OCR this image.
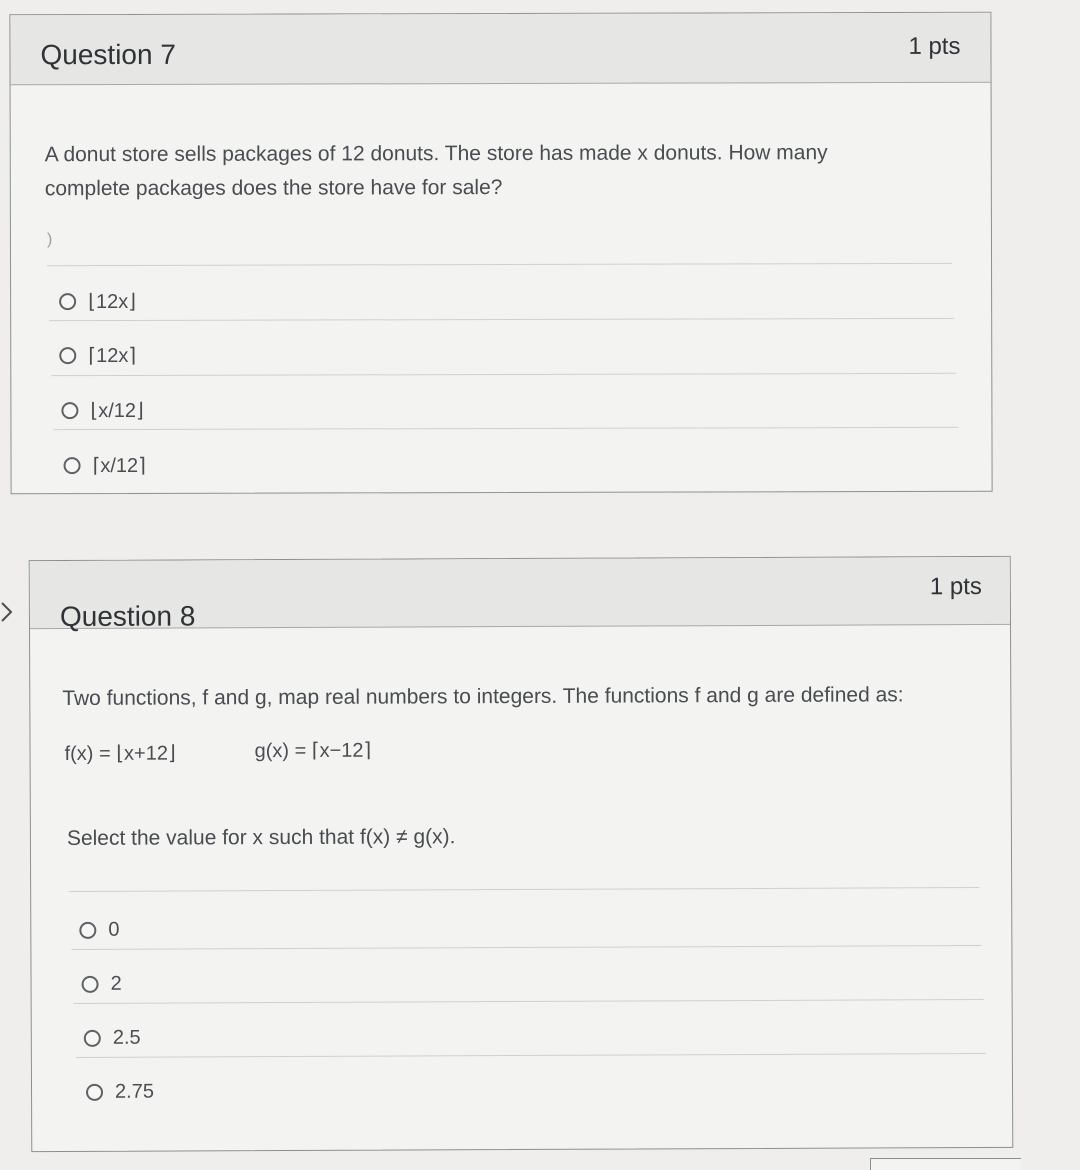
Question 7	1 pts
A donut store sells packages of 12 donuts. The store has made x donuts. How many
complete packages does the store have for sale?
)
⌊12x⌋
⌈12x⌉
⌊x/12⌋
⌈x/12⌉
Question 8
1 pts
Two functions, f and g, map real numbers to integers. The functions f and g are defined as:
f(x) = ⌊x+12⌋	g(x) = ⌈x−12⌉
Select the value for x such that f(x) ≠ g(x).
0
2
2.5
2.75
